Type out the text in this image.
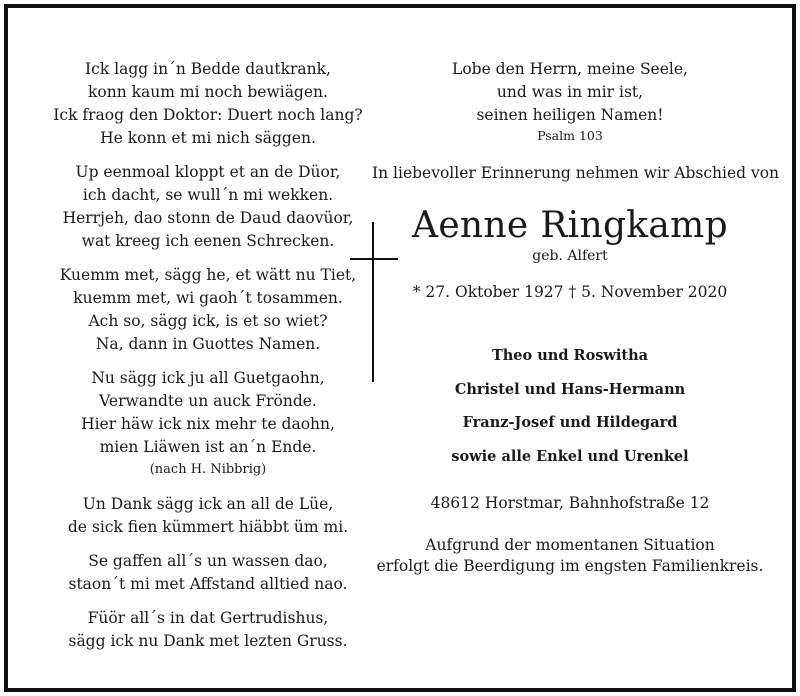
Ick lagg in´n Bedde dautkrank,
konn kaum mi noch bewiägen.
Ick fraog den Doktor: Duert noch lang?
He konn et mi nich säggen.
Up eenmoal kloppt et an de Düor,
ich dacht, se wull´n mi wekken.
Herrjeh, dao stonn de Daud daovüor,
wat kreeg ich eenen Schrecken.
Kuemm met, sägg he, et wätt nu Tiet,
kuemm met, wi gaoh´t tosammen.
Ach so, sägg ick, is et so wiet?
Na, dann in Guottes Namen.
Nu sägg ick ju all Guetgaohn,
Verwandte un auck Frönde.
Hier häw ick nix mehr te daohn,
mien Liäwen ist an´n Ende.
(nach H. Nibbrig)
Un Dank sägg ick an all de Lüe,
de sick fien kümmert hiäbbt üm mi.
Se gaffen all´s un wassen dao,
staon´t mi met Affstand alltied nao.
Füör all´s in dat Gertrudishus,
sägg ick nu Dank met lezten Gruss.
Lobe den Herrn, meine Seele,
und was in mir ist,
seinen heiligen Namen!
Psalm 103
In liebevoller Erinnerung nehmen wir Abschied von
Aenne Ringkamp
geb. Alfert
* 27. Oktober 1927 † 5. November 2020
Theo und Roswitha
Christel und Hans-Hermann
Franz-Josef und Hildegard
sowie alle Enkel und Urenkel
48612 Horstmar, Bahnhofstraße 12
Aufgrund der momentanen Situation
erfolgt die Beerdigung im engsten Familienkreis.
